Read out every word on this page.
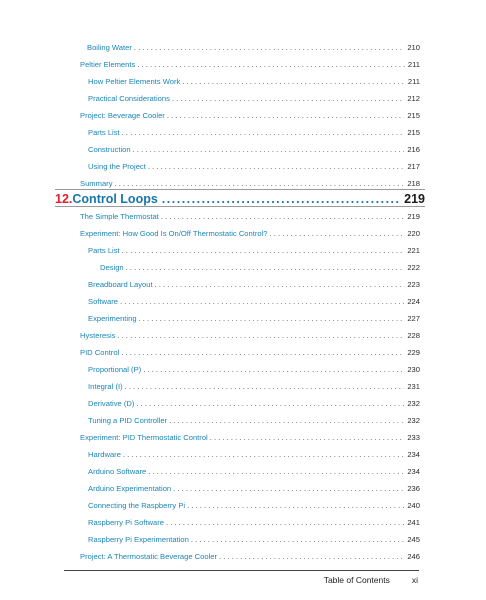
Boiling Water . . .	210
Peltier Elements . . .	211
How Peltier Elements Work . . .	211
Practical Considerations . . .	212
Project: Beverage Cooler . . .	215
Parts List . . .	215
Construction . . .	216
Using the Project . . .	217
Summary . . .	218
12. Control Loops .....	219
The Simple Thermostat . . .	219
Experiment: How Good Is On/Off Thermostatic Control? . . .	220
Parts List . . .	221
Design . . .	222
Breadboard Layout . . .	223
Software . . .	224
Experimenting . . .	227
Hysteresis . . .	228
PID Control . . .	229
Proportional (P) . . .	230
Integral (I) . . .	231
Derivative (D) . . .	232
Tuning a PID Controller . . .	232
Experiment: PID Thermostatic Control . . .	233
Hardware . . .	234
Arduino Software . . .	234
Arduino Experimentation . . .	236
Connecting the Raspberry Pi . . .	240
Raspberry Pi Software . . .	241
Raspberry Pi Experimentation . . .	245
Project: A Thermostatic Beverage Cooler . . .	246
Table of Contents	xi
